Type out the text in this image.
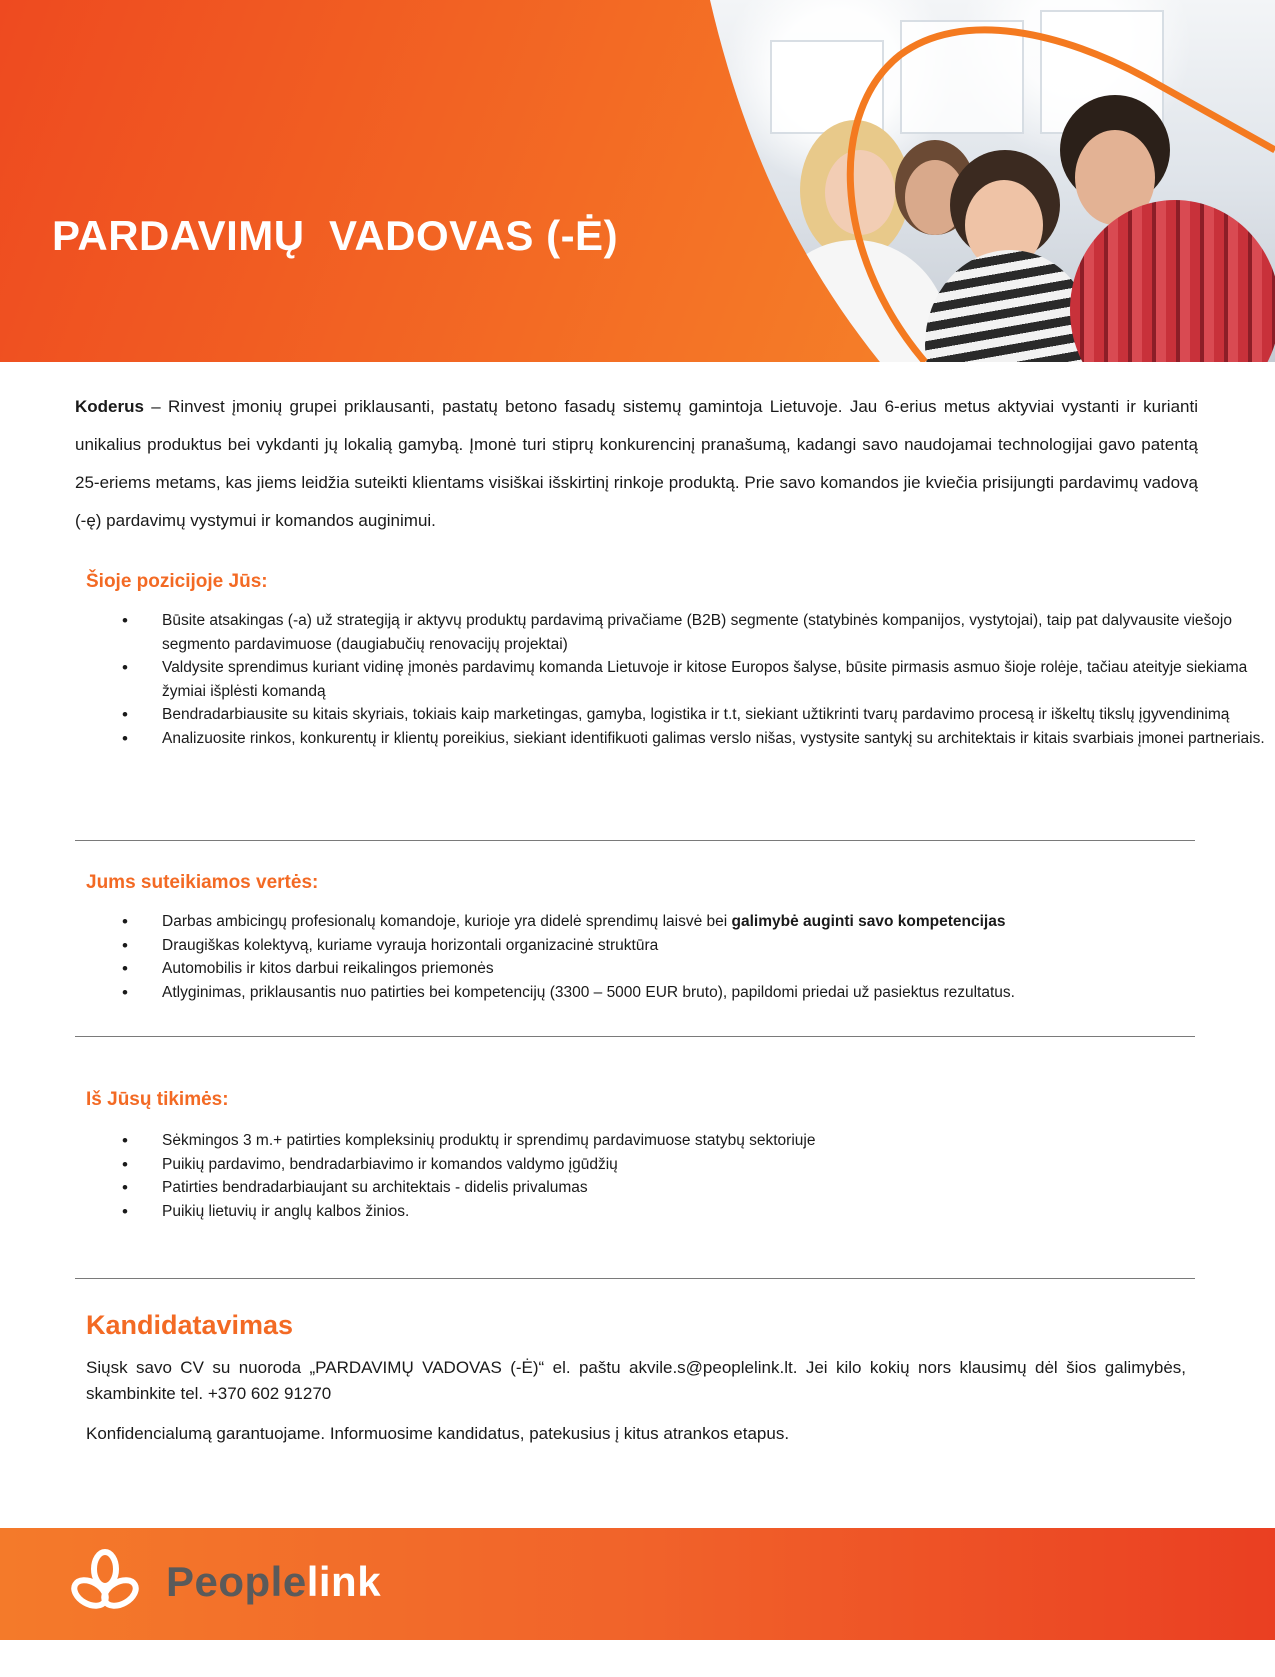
PARDAVIMŲ  VADOVAS (-Ė)

Koderus – Rinvest įmonių grupei priklausanti, pastatų betono fasadų sistemų gamintoja Lietuvoje. Jau 6-erius metus aktyviai vystanti ir kurianti unikalius produktus bei vykdanti jų lokalią gamybą. Įmonė turi stiprų konkurencinį pranašumą, kadangi savo naudojamai technologijai gavo patentą 25-eriems metams, kas jiems leidžia suteikti klientams visiškai išskirtinį rinkoje produktą. Prie savo komandos jie kviečia prisijungti pardavimų vadovą (-ę) pardavimų vystymui ir komandos auginimui.

Šioje pozicijoje Jūs:
• Būsite atsakingas (-a) už strategiją ir aktyvų produktų pardavimą privačiame (B2B) segmente (statybinės kompanijos, vystytojai), taip pat dalyvausite viešojo segmento pardavimuose (daugiabučių renovacijų projektai)
• Valdysite sprendimus kuriant vidinę įmonės pardavimų komanda Lietuvoje ir kitose Europos šalyse, būsite pirmasis asmuo šioje rolėje, tačiau ateityje siekiama žymiai išplėsti komandą
• Bendradarbiausite su kitais skyriais, tokiais kaip marketingas, gamyba, logistika ir t.t, siekiant užtikrinti tvarų pardavimo procesą ir iškeltų tikslų įgyvendinimą
• Analizuosite rinkos, konkurentų ir klientų poreikius, siekiant identifikuoti galimas verslo nišas, vystysite santykį su architektais ir kitais svarbiais įmonei partneriais.
Jums suteikiamos vertės:
• Darbas ambicingų profesionalų komandoje, kurioje yra didelė sprendimų laisvė bei galimybė auginti savo kompetencijas
• Draugiškas kolektyvą, kuriame vyrauja horizontali organizacinė struktūra
• Automobilis ir kitos darbui reikalingos priemonės
• Atlyginimas, priklausantis nuo patirties bei kompetencijų (3300 – 5000 EUR bruto), papildomi priedai už pasiektus rezultatus.
Iš Jūsų tikimės:
• Sėkmingos 3 m.+ patirties kompleksinių produktų ir sprendimų pardavimuose statybų sektoriuje
• Puikių pardavimo, bendradarbiavimo ir komandos valdymo įgūdžių
• Patirties bendradarbiaujant su architektais - didelis privalumas
• Puikių lietuvių ir anglų kalbos žinios.
Kandidatavimas

Siųsk savo CV su nuoroda „PARDAVIMŲ VADOVAS (-Ė)“ el. paštu akvile.s@peoplelink.lt. Jei kilo kokių nors klausimų dėl šios galimybės, skambinkite tel. +370 602 91270

Konfidencialumą garantuojame. Informuosime kandidatus, patekusius į kitus atrankos etapus.

Peoplelink
